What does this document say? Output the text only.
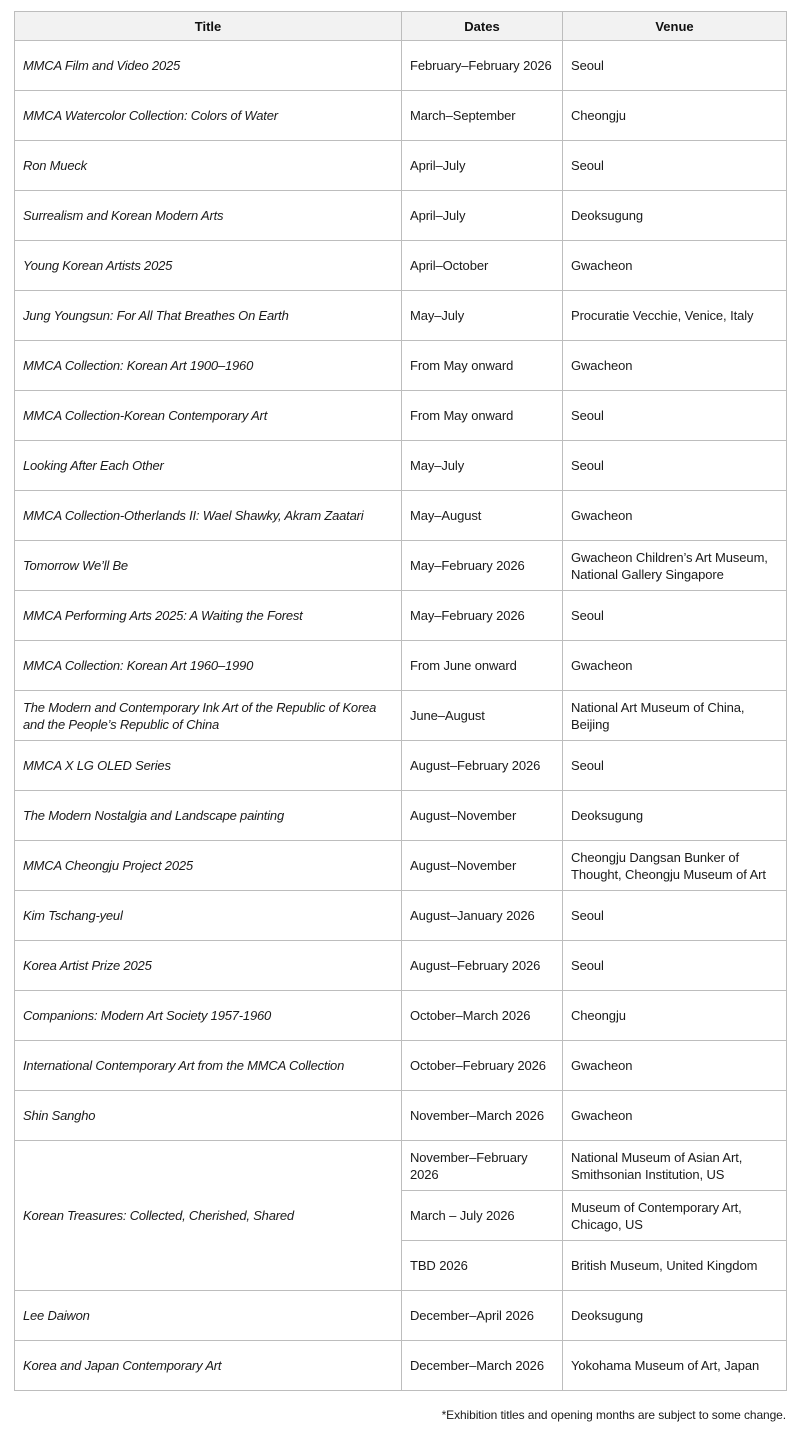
Title	Dates	Venue
MMCA Film and Video 2025	February–February 2026	Seoul
MMCA Watercolor Collection: Colors of Water	March–September	Cheongju
Ron Mueck	April–July	Seoul
Surrealism and Korean Modern Arts	April–July	Deoksugung
Young Korean Artists 2025	April–October	Gwacheon
Jung Youngsun: For All That Breathes On Earth	May–July	Procuratie Vecchie, Venice, Italy
MMCA Collection: Korean Art 1900–1960	From May onward	Gwacheon
MMCA Collection-Korean Contemporary Art	From May onward	Seoul
Looking After Each Other	May–July	Seoul
MMCA Collection-Otherlands II: Wael Shawky, Akram Zaatari	May–August	Gwacheon
Tomorrow We’ll Be	May–February 2026	Gwacheon Children’s Art Museum, National Gallery Singapore
MMCA Performing Arts 2025: A Waiting the Forest	May–February 2026	Seoul
MMCA Collection: Korean Art 1960–1990	From June onward	Gwacheon
The Modern and Contemporary Ink Art of the Republic of Korea and the People’s Republic of China	June–August	National Art Museum of China, Beijing
MMCA X LG OLED Series	August–February 2026	Seoul
The Modern Nostalgia and Landscape painting	August–November	Deoksugung
MMCA Cheongju Project 2025	August–November	Cheongju Dangsan Bunker of Thought, Cheongju Museum of Art
Kim Tschang-yeul	August–January 2026	Seoul
Korea Artist Prize 2025	August–February 2026	Seoul
Companions: Modern Art Society 1957-1960	October–March 2026	Cheongju
International Contemporary Art from the MMCA Collection	October–February 2026	Gwacheon
Shin Sangho	November–March 2026	Gwacheon
Korean Treasures: Collected, Cherished, Shared	November–February 2026	National Museum of Asian Art, Smithsonian Institution, US
	March – July 2026	Museum of Contemporary Art, Chicago, US
	TBD 2026	British Museum, United Kingdom
Lee Daiwon	December–April 2026	Deoksugung
Korea and Japan Contemporary Art	December–March 2026	Yokohama Museum of Art, Japan
*Exhibition titles and opening months are subject to some change.
